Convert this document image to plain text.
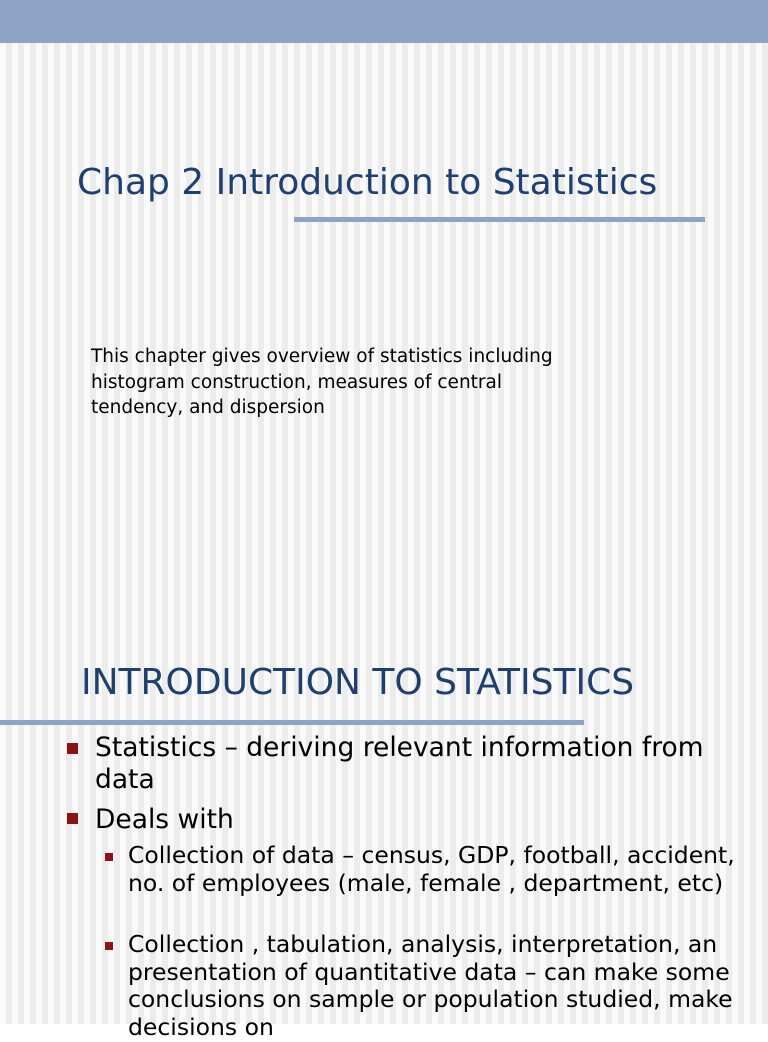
Chap 2 Introduction to Statistics

This chapter gives overview of statistics including histogram construction, measures of central tendency, and dispersion

INTRODUCTION TO STATISTICS

Statistics – deriving relevant information from data

Deals with

Collection of data – census, GDP, football, accident, no. of employees (male, female , department, etc)

Collection , tabulation, analysis, interpretation, an presentation of quantitative data – can make some conclusions on sample or population studied, make decisions on
